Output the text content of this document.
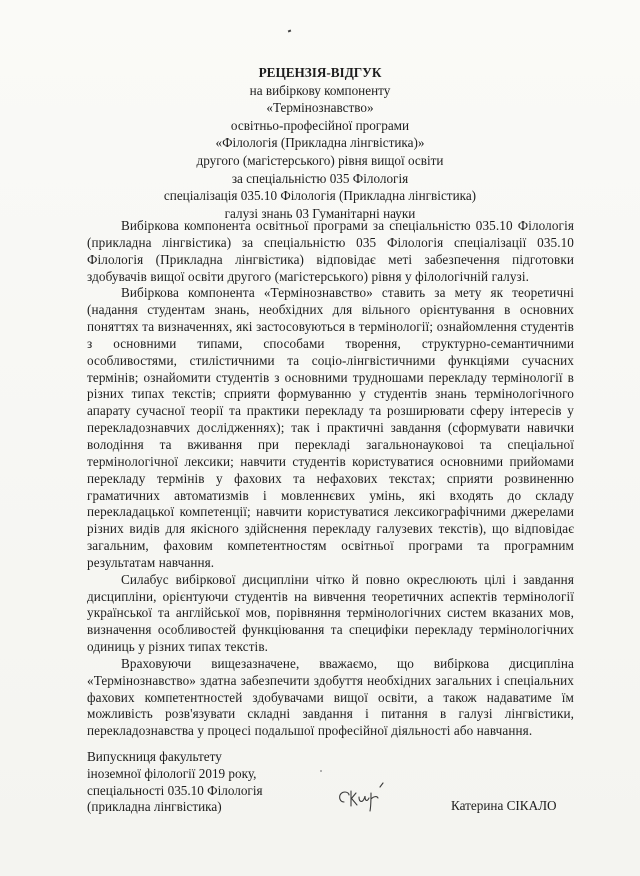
РЕЦЕНЗІЯ-ВІДГУК
на вибіркову компоненту
«Термінознавство»
освітньо-професійної програми
«Філологія (Прикладна лінгвістика)»
другого (магістерського) рівня вищої освіти
за спеціальністю 035 Філологія
спеціалізація 035.10 Філологія (Прикладна лінгвістика)
галузі знань 03 Гуманітарні науки

Вибіркова компонента освітньої програми за спеціальністю 035.10 Філологія (прикладна лінгвістика) за спеціальністю 035 Філологія спеціалізації 035.10 Філологія (Прикладна лінгвістика) відповідає меті забезпечення підготовки здобувачів вищої освіти другого (магістерського) рівня у філологічній галузі.

Вибіркова компонента «Термінознавство» ставить за мету як теоретичні (надання студентам знань, необхідних для вільного орієнтування в основних поняттях та визначеннях, які застосовуються в термінології; ознайомлення студентів з основними типами, способами творення, структурно-семантичними особливостями, стилістичними та соціо-лінгвістичними функціями сучасних термінів; ознайомити студентів з основними трудношами перекладу термінології в різних типах текстів; сприяти формуванню у студентів знань термінологічного апарату сучасної теорії та практики перекладу та розширювати сферу інтересів у перекладознавчих дослідженнях); так і практичні завдання (сформувати навички володіння та вживання при перекладі загальнонауковоі та спеціальної термінологічної лексики; навчити студентів користуватися основними прийомами перекладу термінів у фахових та нефахових текстах; сприяти розвиненню граматичних автоматизмів і мовленнєвих умінь, які входять до складу перекладацької компетенції; навчити користуватися лексикографічними джерелами різних видів для якісного здійснення перекладу галузевих текстів), що відповідає загальним, фаховим компетентностям освітньої програми та програмним результатам навчання.

Силабус вибіркової дисципліни чітко й повно окреслюють цілі і завдання дисципліни, орієнтуючи студентів на вивчення теоретичних аспектів термінології української та англійської мов, порівняння термінологічних систем вказаних мов, визначення особливостей функціювання та специфіки перекладу термінологічних одиниць у різних типах текстів.

Враховуючи вищезазначене, вважаємо, що вибіркова дисципліна «Термінознавство» здатна забезпечити здобуття необхідних загальних і спеціальних фахових компетентностей здобувачами вищої освіти, а також надаватиме їм можливість розв'язувати складні завдання і питання в галузі лінгвістики, перекладознавства у процесі подальшої професійної діяльності або навчання.

Випускниця факультету
іноземної філології 2019 року,
спеціальності 035.10 Філологія
(прикладна лінгвістика)	Катерина СІКАЛО
